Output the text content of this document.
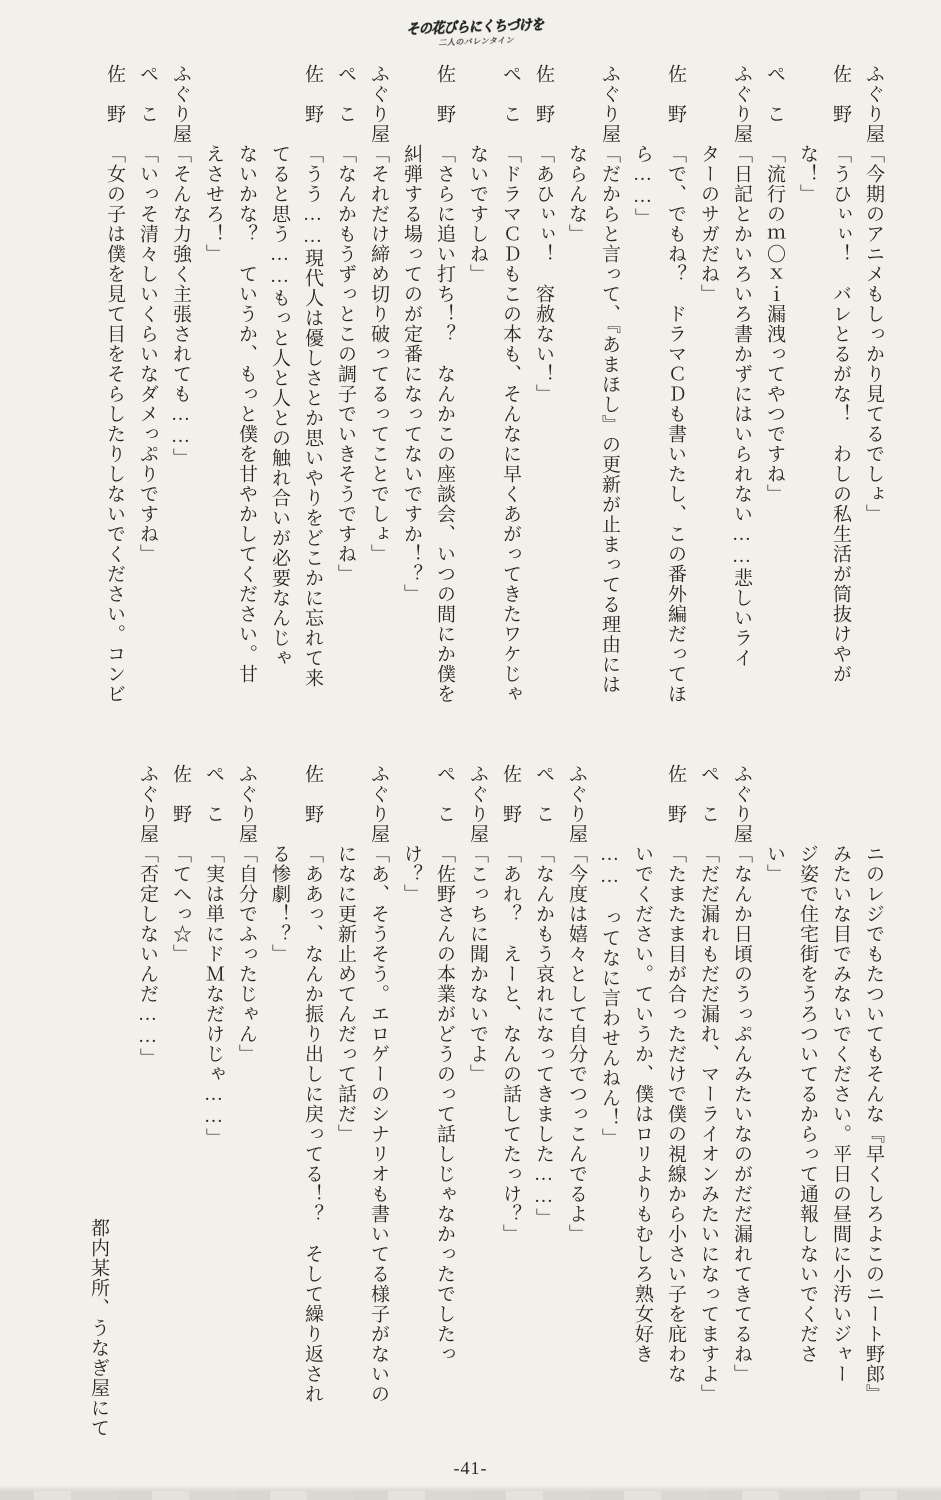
その花びらにくちづけを
二人のバレンタイン
ふぐり屋「今期のアニメもしっかり見てるでしょ」
佐　野「うひぃぃ！　バレとるがな！　わしの私生活が筒抜けやが
な！」
ぺ　こ「流行のｍ〇ｘｉ漏洩ってやつですね」
ふぐり屋「日記とかいろいろ書かずにはいられない……悲しいライ
ターのサガだね」
佐　野「で、でもね？　ドラマＣＤも書いたし、この番外編だってほ
ら……」
ふぐり屋「だからと言って、『あまほし』の更新が止まってる理由には
ならんな」
佐　野「あひぃぃ！　容赦ない！」
ぺ　こ「ドラマＣＤもこの本も、そんなに早くあがってきたワケじゃ
ないですしね」
佐　野「さらに追い打ち！？　なんかこの座談会、いつの間にか僕を
糾弾する場ってのが定番になってないですか！？」
ふぐり屋「それだけ締め切り破ってるってことでしょ」
ぺ　こ「なんかもうずっとこの調子でいきそうですね」
佐　野「うう……現代人は優しさとか思いやりをどこかに忘れて来
てると思う……もっと人と人との触れ合いが必要なんじゃ
ないかな？　ていうか、もっと僕を甘やかしてください。甘
えさせろ！」
ふぐり屋「そんな力強く主張されても……」
ぺ　こ「いっそ清々しいくらいなダメっぷりですね」
佐　野「女の子は僕を見て目をそらしたりしないでください。コンビ
ニのレジでもたついてもそんな『早くしろよこのニート野郎』
みたいな目でみないでください。平日の昼間に小汚いジャー
ジ姿で住宅街をうろついてるからって通報しないでくださ
い」
ふぐり屋「なんか日頃のうっぷんみたいなのがだだ漏れてきてるね」
ぺ　こ「だだ漏れもだだ漏れ、マーライオンみたいになってますよ」
佐　野「たまたま目が合っただけで僕の視線から小さい子を庇わな
いでください。ていうか、僕はロリよりもむしろ熟女好き
……　ってなに言わせんねん！」
ふぐり屋「今度は嬉々として自分でつっこんでるよ」
ぺ　こ「なんかもう哀れになってきました……」
佐　野「あれ？　えーと、なんの話してたっけ？」
ふぐり屋「こっちに聞かないでよ」
ぺ　こ「佐野さんの本業がどうのって話しじゃなかったでしたっ
け？」
ふぐり屋「あ、そうそう。エロゲーのシナリオも書いてる様子がないの
になに更新止めてんだって話だ」
佐　野「ああっ、なんか振り出しに戻ってる！？　そして繰り返され
る惨劇！？」
ふぐり屋「自分でふったじゃん」
ぺ　こ「実は単にドＭなだけじゃ……」
佐　野「てへっ☆」
ふぐり屋「否定しないんだ……」
都内某所、うなぎ屋にて
-41-
